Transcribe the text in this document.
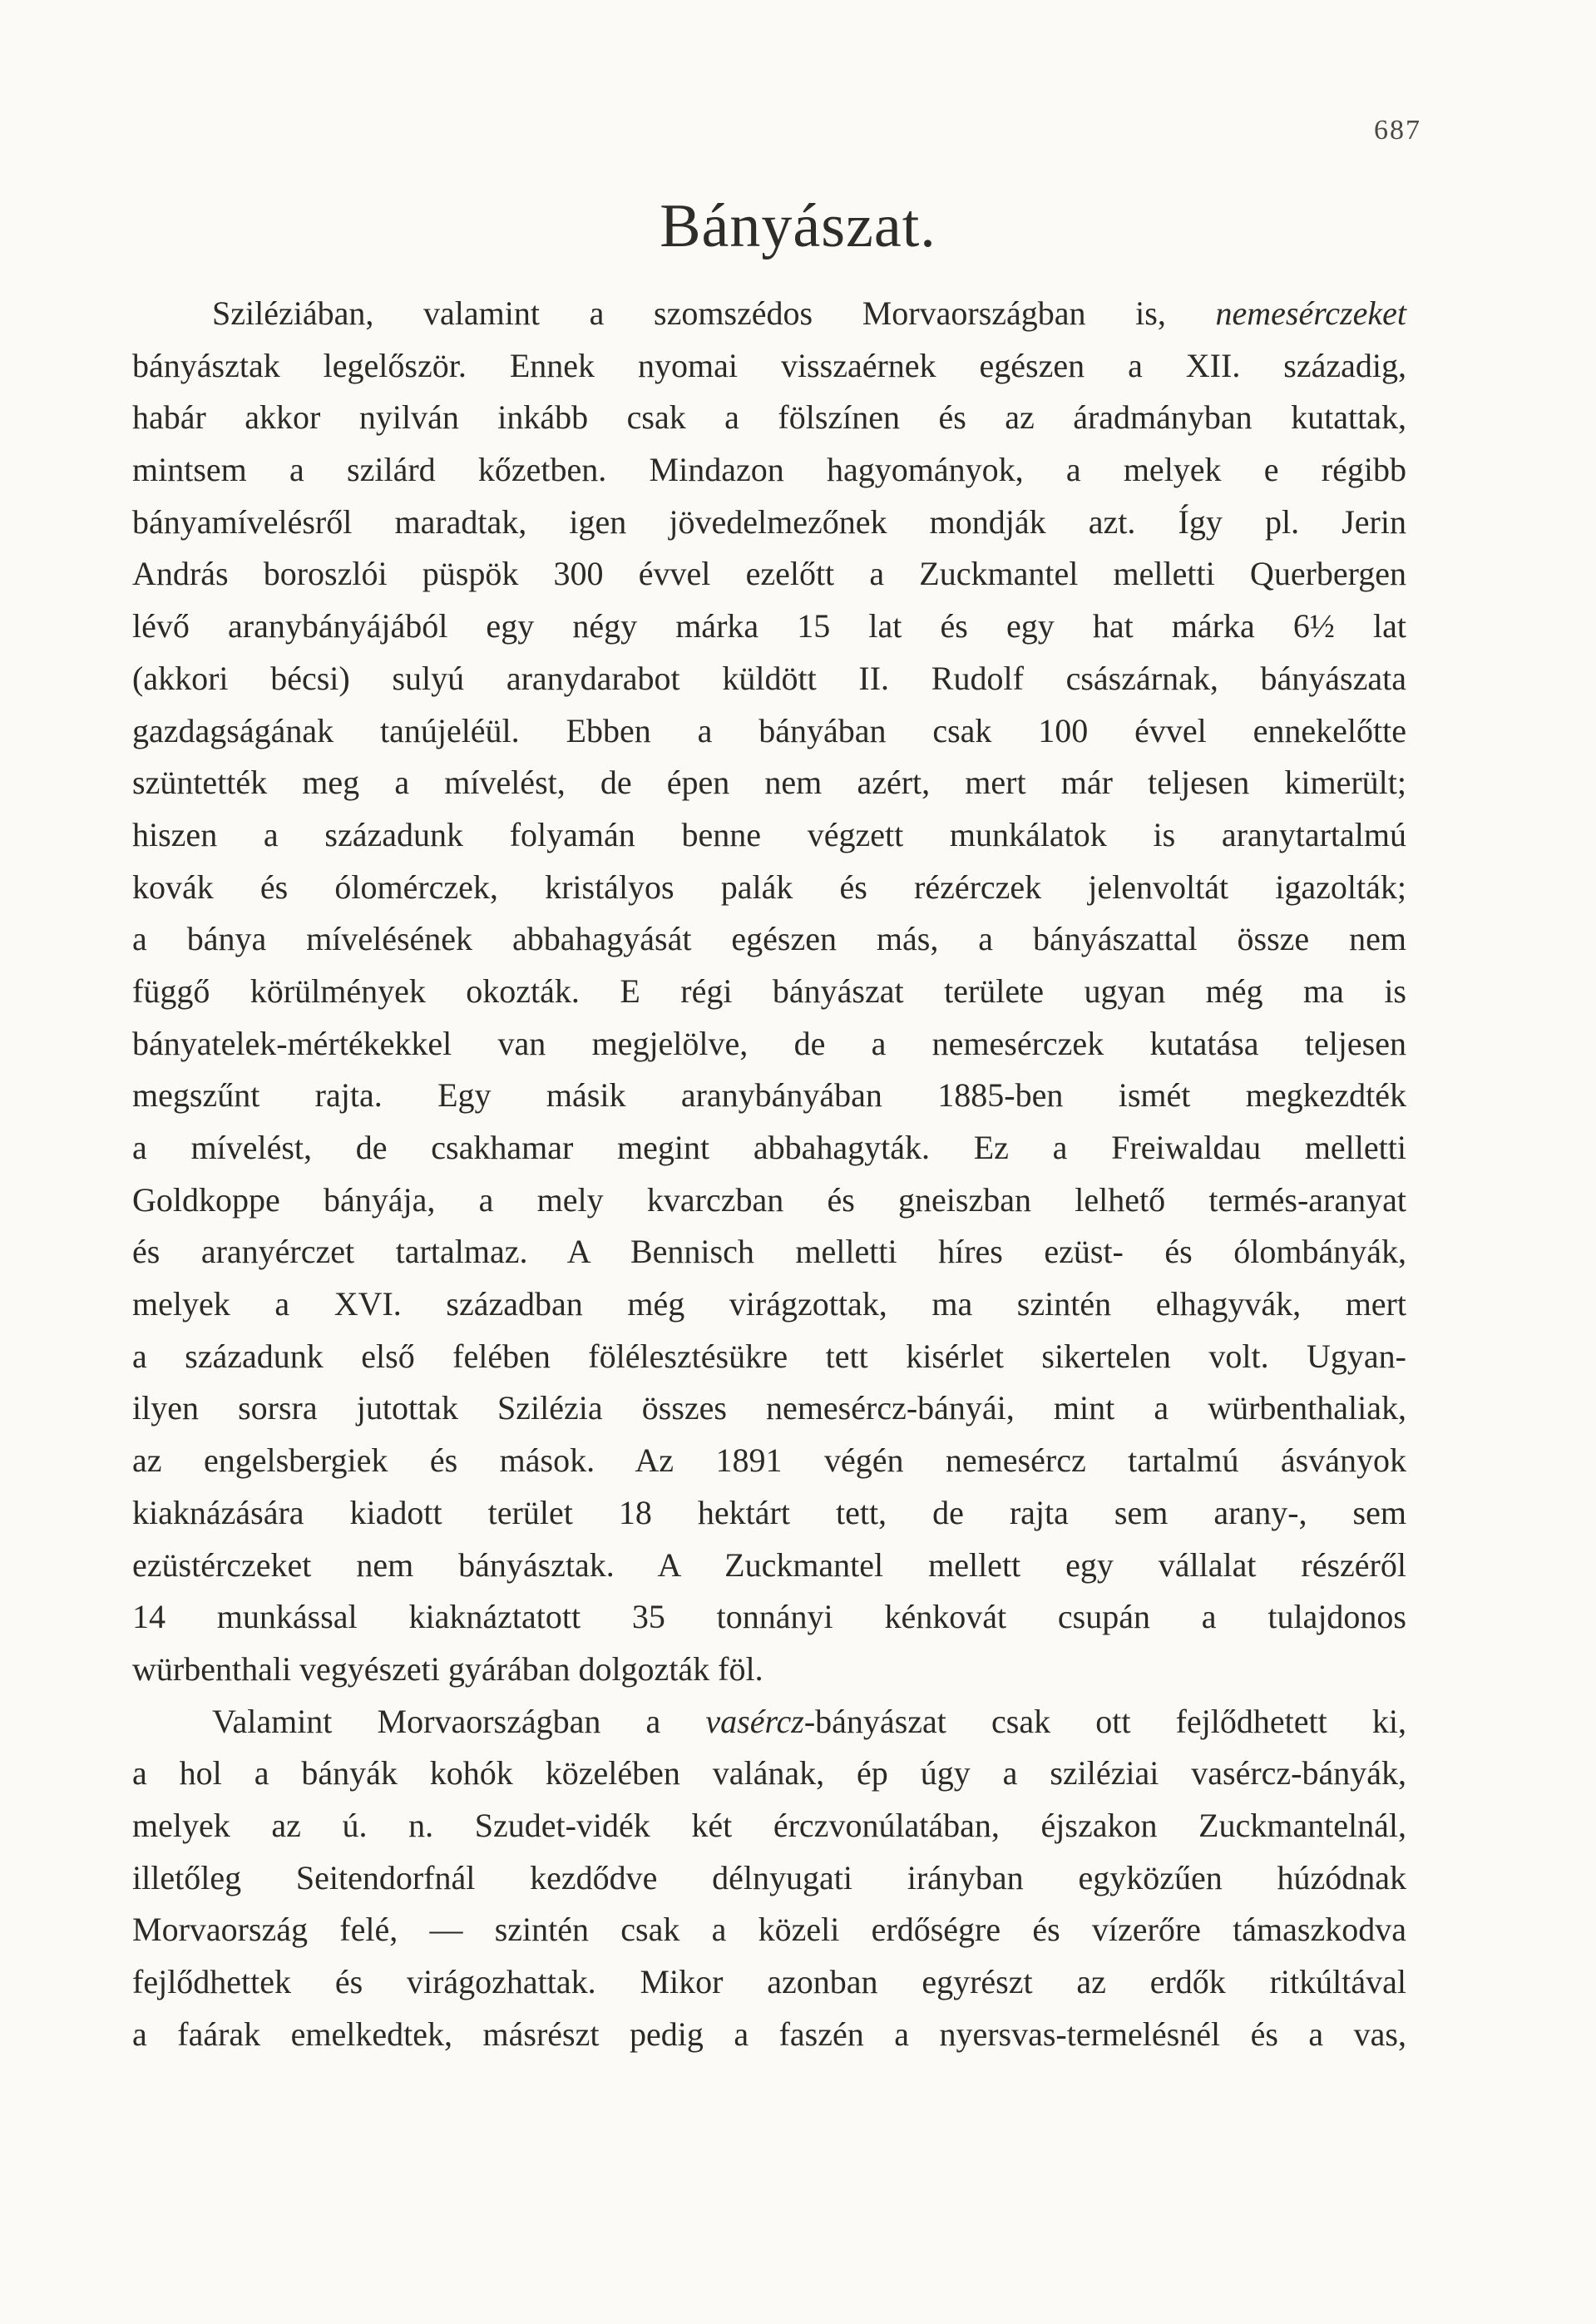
687
Bányászat.
Sziléziában, valamint a szomszédos Morvaországban is, nemesérczeket
bányásztak legelőször. Ennek nyomai visszaérnek egészen a XII. századig,
habár akkor nyilván inkább csak a fölszínen és az áradmányban kutattak,
mintsem a szilárd kőzetben. Mindazon hagyományok, a melyek e régibb
bányamívelésről maradtak, igen jövedelmezőnek mondják azt. Így pl. Jerin
András boroszlói püspök 300 évvel ezelőtt a Zuckmantel melletti Querbergen
lévő aranybányájából egy négy márka 15 lat és egy hat márka 6½ lat
(akkori bécsi) sulyú aranydarabot küldött II. Rudolf császárnak, bányászata
gazdagságának tanújeléül. Ebben a bányában csak 100 évvel ennekelőtte
szüntették meg a mívelést, de épen nem azért, mert már teljesen kimerült;
hiszen a századunk folyamán benne végzett munkálatok is aranytartalmú
kovák és ólomérczek, kristályos palák és rézérczek jelenvoltát igazolták;
a bánya mívelésének abbahagyását egészen más, a bányászattal össze nem
függő körülmények okozták. E régi bányászat területe ugyan még ma is
bányatelek-mértékekkel van megjelölve, de a nemesérczek kutatása teljesen
megszűnt rajta. Egy másik aranybányában 1885-ben ismét megkezdték
a mívelést, de csakhamar megint abbahagyták. Ez a Freiwaldau melletti
Goldkoppe bányája, a mely kvarczban és gneiszban lelhető termés-aranyat
és aranyérczet tartalmaz. A Bennisch melletti híres ezüst- és ólombányák,
melyek a XVI. században még virágzottak, ma szintén elhagyvák, mert
a századunk első felében fölélesztésükre tett kisérlet sikertelen volt. Ugyan-
ilyen sorsra jutottak Szilézia összes nemesércz-bányái, mint a würbenthaliak,
az engelsbergiek és mások. Az 1891 végén nemesércz tartalmú ásványok
kiaknázására kiadott terület 18 hektárt tett, de rajta sem arany-, sem
ezüstérczeket nem bányásztak. A Zuckmantel mellett egy vállalat részéről
14 munkással kiaknáztatott 35 tonnányi kénkovát csupán a tulajdonos
würbenthali vegyészeti gyárában dolgozták föl.
Valamint Morvaországban a vasércz-bányászat csak ott fejlődhetett ki,
a hol a bányák kohók közelében valának, ép úgy a sziléziai vasércz-bányák,
melyek az ú. n. Szudet-vidék két érczvonúlatában, éjszakon Zuckmantelnál,
illetőleg Seitendorfnál kezdődve délnyugati irányban egyközűen húzódnak
Morvaország felé, — szintén csak a közeli erdőségre és vízerőre támaszkodva
fejlődhettek és virágozhattak. Mikor azonban egyrészt az erdők ritkúltával
a faárak emelkedtek, másrészt pedig a faszén a nyersvas-termelésnél és a vas,
